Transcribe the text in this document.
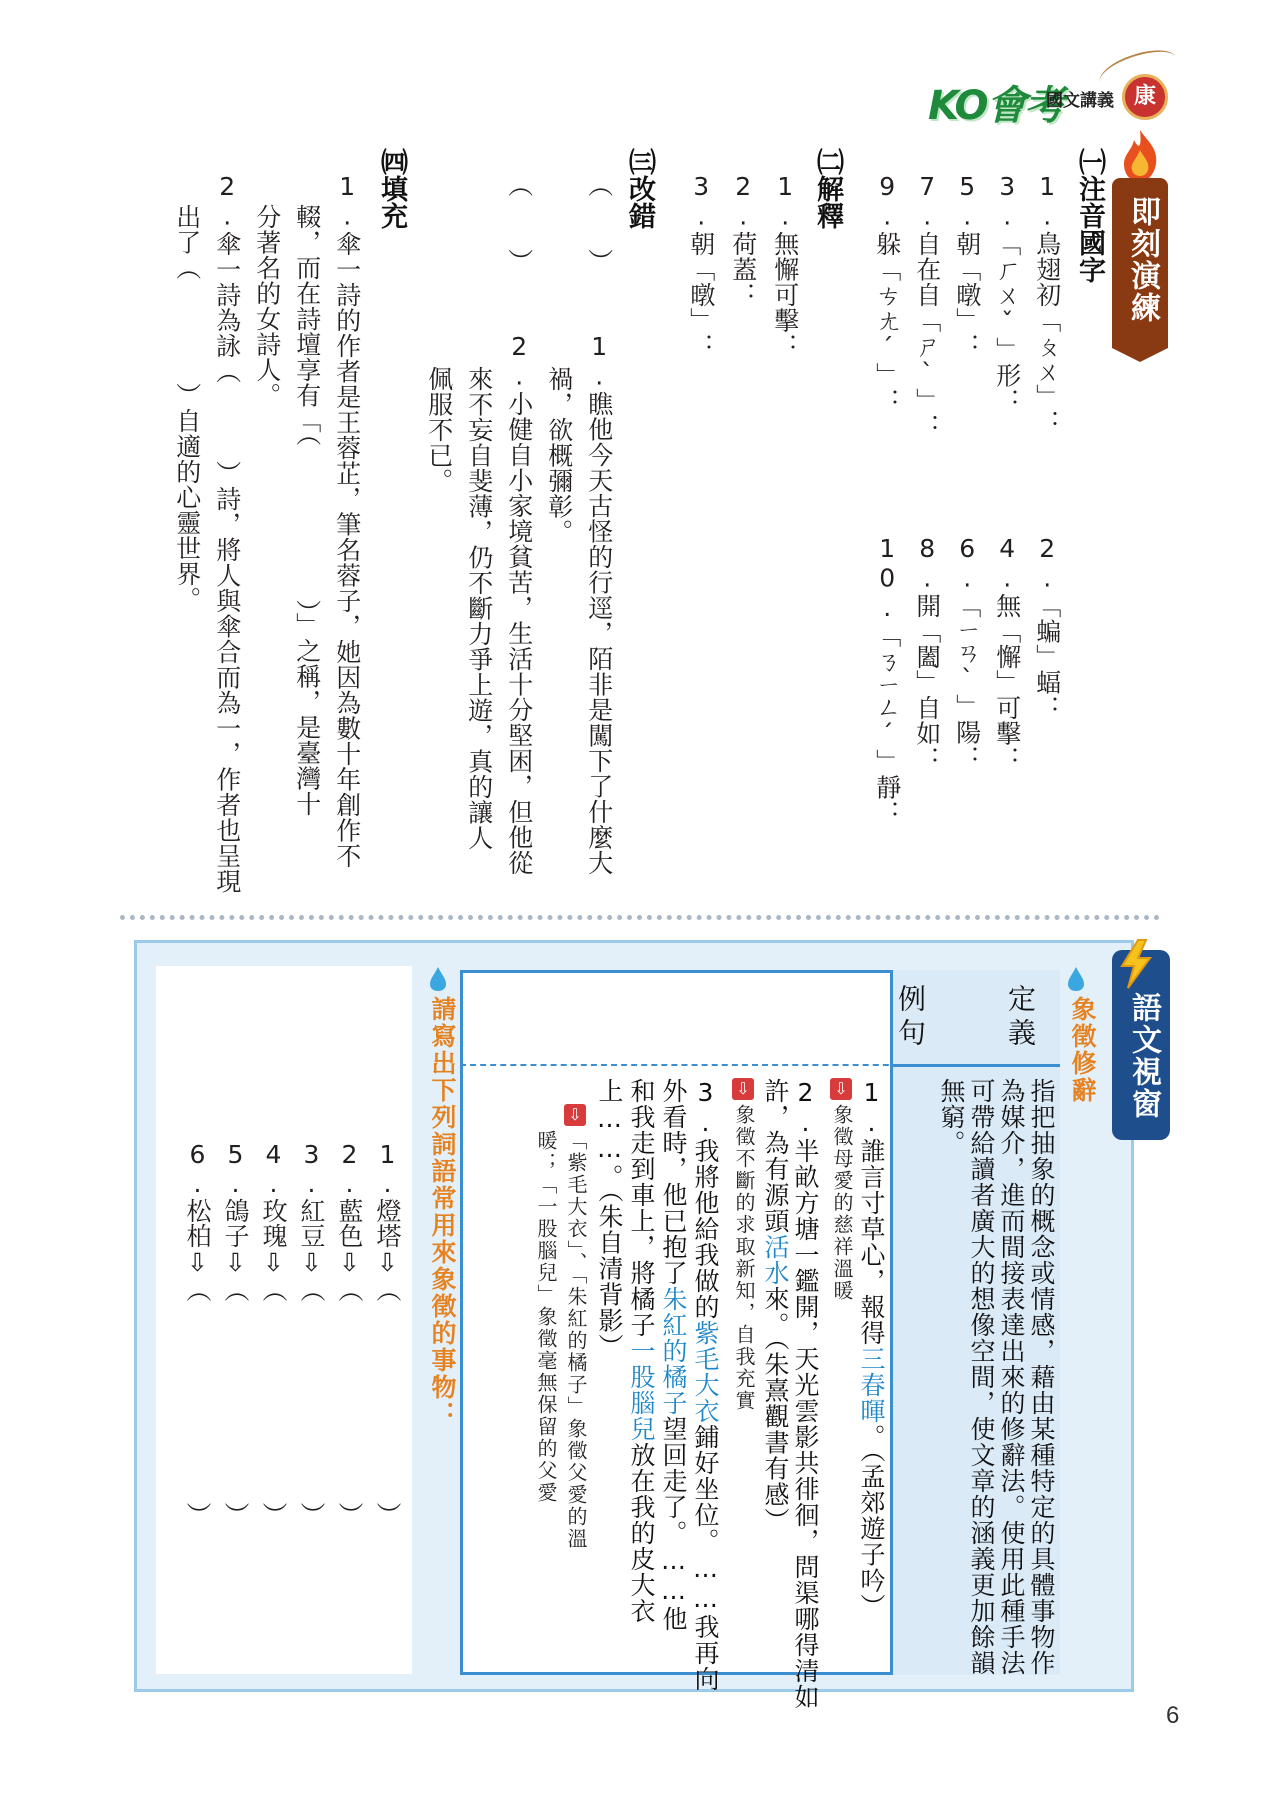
KO會考
國文講義 康
即刻演練
㈠注音國字
1.鳥翅初「ㄆㄨ」：
2.「蝙」蝠：
3.「ㄏㄨˇ」形：
4.無「懈」可擊：
5.朝「暾」：
6.「ㄧㄢˋ」陽：
7.自在自「ㄕˋ」：
8.開「闔」自如：
9.躲「ㄘㄤˊ」：
10.「ㄋㄧㄥˊ」靜：
㈡解釋
1.無懈可擊：
2.荷蓋：
3.朝「暾」：
㈢改錯
（　　）
1.瞧他今天古怪的行逕，陌非是闖下了什麼大
禍，欲概彌彰。
（　　）
2.小健自小家境貧苦，生活十分堅困，但他從
來不妄自斐薄，仍不斷力爭上遊，真的讓人
佩服不已。
㈣填充
1.傘一詩的作者是王蓉芷，筆名蓉子，她因為數十年創作不
輟，而在詩壇享有「（　　　　　　）」之稱，是臺灣十
分著名的女詩人。
2.傘一詩為詠（　　　）詩，將人與傘合而為一，作者也呈現
出了（　　　　）自適的心靈世界。
語文視窗
象徵修辭
定義
例句
指把抽象的概念或情感，藉由某種特定的具體事物作
為媒介，進而間接表達出來的修辭法。使用此種手法
可帶給讀者廣大的想像空間，使文章的涵義更加餘韻
無窮。
1.誰言寸草心，報得三春暉。（孟郊遊子吟）
⇩
象徵母愛的慈祥溫暖
2.半畝方塘一鑑開，天光雲影共徘徊，問渠哪得清如
許，為有源頭活水來。（朱熹觀書有感）
⇩
象徵不斷的求取新知，自我充實
3.我將他給我做的紫毛大衣鋪好坐位。……我再向
外看時，他已抱了朱紅的橘子望回走了。……他
和我走到車上，將橘子一股腦兒放在我的皮大衣
上……。（朱自清背影）
⇩
「紫毛大衣」、「朱紅的橘子」象徵父愛的溫
暖；「一股腦兒」象徵毫無保留的父愛
請寫出下列詞語常用來象徵的事物：
1.燈塔⇩（　　　　　　　　）
2.藍色⇩（　　　　　　　　）
3.紅豆⇩（　　　　　　　　）
4.玫瑰⇩（　　　　　　　　）
5.鴿子⇩（　　　　　　　　）
6.松柏⇩（　　　　　　　　）
6
